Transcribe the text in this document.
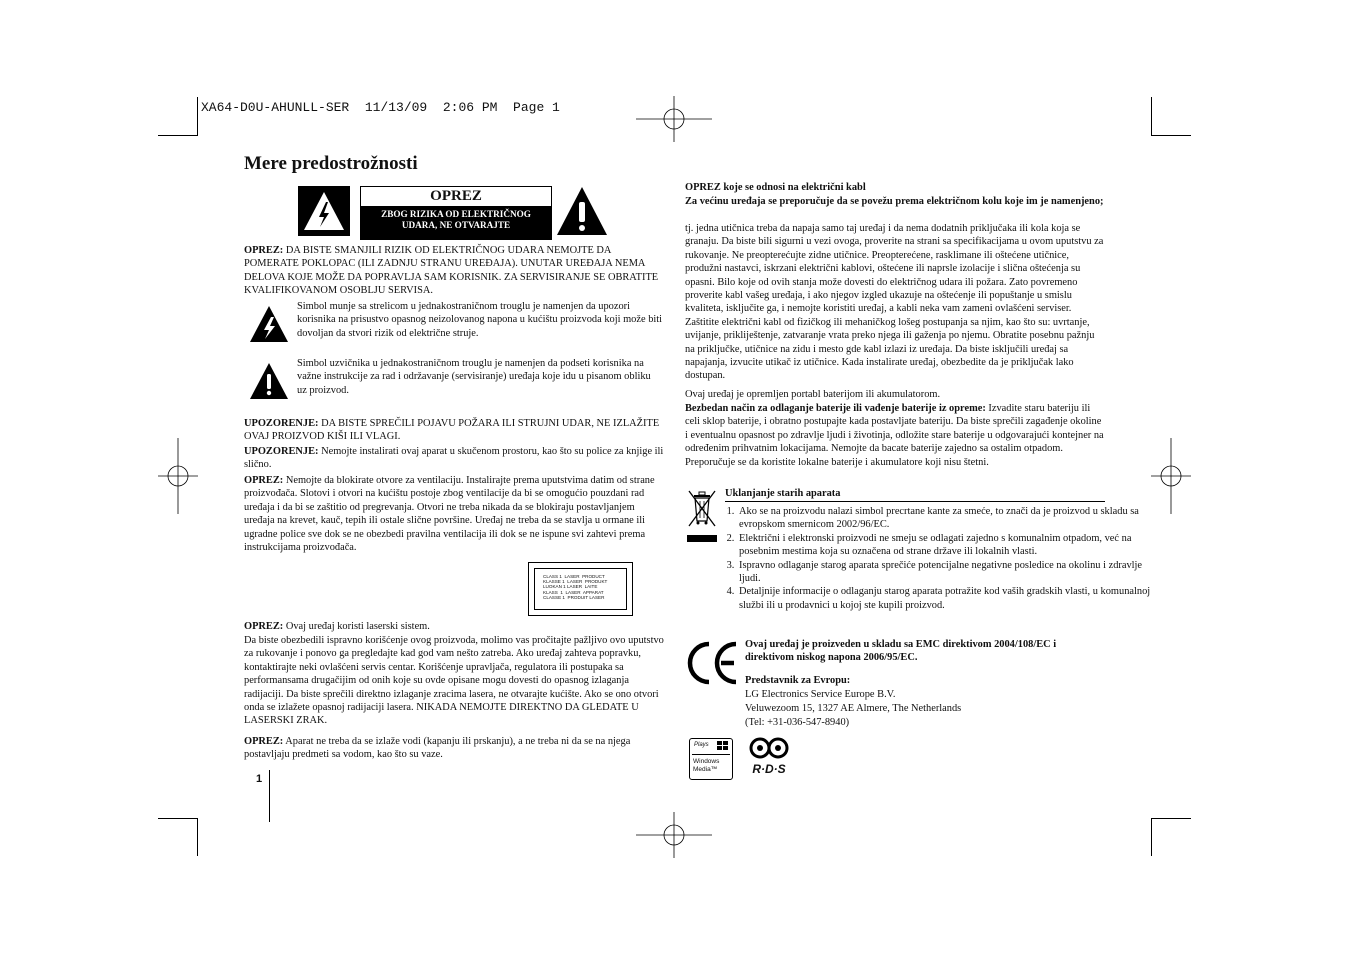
XA64-D0U-AHUNLL-SER  11/13/09  2:06 PM  Page 1
Mere predostrožnosti
OPREZ
ZBOG RIZIKA OD ELEKTRIČNOG
UDARA, NE OTVARAJTE
OPREZ: DA BISTE SMANJILI RIZIK OD ELEKTRIČNOG UDARA NEMOJTE DA POMERATE POKLOPAC (ILI ZADNJU STRANU UREĐAJA). UNUTAR UREĐAJA NEMA DELOVA KOJE MOŽE DA POPRAVLJA SAM KORISNIK. ZA SERVISIRANJE SE OBRATITE KVALIFIKOVANOM OSOBLJU SERVISA.
Simbol munje sa strelicom u jednakostraničnom trouglu je namenjen da upozori korisnika na prisustvo opasnog neizolovanog napona u kućištu proizvoda koji može biti dovoljan da stvori rizik od električne struje.
Simbol uzvičnika u jednakostraničnom trouglu je namenjen da podseti korisnika na važne instrukcije za rad i održavanje (servisiranje) uređaja koje idu u pisanom obliku uz proizvod.
UPOZORENJE: DA BISTE SPREČILI POJAVU POŽARA ILI STRUJNI UDAR, NE IZLAŽITE OVAJ PROIZVOD KIŠI ILI VLAGI.
UPOZORENJE: Nemojte instalirati ovaj aparat u skučenom prostoru, kao što su police za knjige ili slično.
OPREZ: Nemojte da blokirate otvore za ventilaciju. Instalirajte prema uputstvima datim od strane proizvođača. Slotovi i otvori na kućištu postoje zbog ventilacije da bi se omogućio pouzdani rad uređaja i da bi se zaštitio od pregrevanja. Otvori ne treba nikada da se blokiraju postavljanjem uređaja na krevet, kauč, tepih ili ostale slične površine. Uređaj ne treba da se stavlja u ormane ili ugradne police sve dok se ne obezbedi pravilna ventilacija ili dok se ne ispune svi zahtevi prema instrukcijama proizvođača.
CLASS 1  LASER  PRODUCT
KLASSE 1  LASER  PRODUKT
LUOKAN 1 LASER  LAITE
KLASS  1  LASER  APPARAT
CLASSE 1  PRODUIT LASER
OPREZ: Ovaj uređaj koristi laserski sistem.
Da biste obezbedili ispravno korišćenje ovog proizvoda, molimo vas pročitajte pažljivo ovo uputstvo za rukovanje i ponovo ga pregledajte kad god vam nešto zatreba. Ako uređaj zahteva popravku, kontaktirajte neki ovlašćeni servis centar. Korišćenje upravljača, regulatora ili postupaka sa performansama drugačijim od onih koje su ovde opisane mogu dovesti do opasnog izlaganja radijaciji. Da biste sprečili direktno izlaganje zracima lasera, ne otvarajte kućište. Ako se ono otvori onda se izlažete opasnoj radijaciji lasera. NIKADA NEMOJTE DIREKTNO DA GLEDATE U LASERSKI ZRAK.
OPREZ: Aparat ne treba da se izlaže vodi (kapanju ili prskanju), a ne treba ni da se na njega postavljaju predmeti sa vodom, kao što su vaze.
1
OPREZ koje se odnosi na električni kabl
Za većinu uređaja se preporučuje da se povežu prema električnom kolu koje im je namenjeno;
tj. jedna utičnica treba da napaja samo taj uređaj i da nema dodatnih priključaka ili kola koja se granaju. Da biste bili sigurni u vezi ovoga, proverite na strani sa specifikacijama u ovom uputstvu za rukovanje. Ne preopterećujte zidne utičnice. Preopterećene, rasklimane ili oštećene utičnice, produžni nastavci, iskrzani električni kablovi, oštećene ili naprsle izolacije i slična oštećenja su opasni. Bilo koje od ovih stanja može dovesti do električnog udara ili požara. Zato povremeno proverite kabl vašeg uređaja, i ako njegov izgled ukazuje na oštećenje ili popuštanje u smislu kvaliteta, isključite ga, i nemojte koristiti uređaj, a kabli neka vam zameni ovlašćeni serviser. Zaštitite električni kabl od fizičkog ili mehaničkog lošeg postupanja sa njim, kao što su: uvrtanje, uvijanje, prikliještenje, zatvaranje vrata preko njega ili gaženja po njemu. Obratite posebnu pažnju na priključke, utičnice na zidu i mesto gde kabl izlazi iz uređaja. Da biste isključili uređaj sa napajanja, izvucite utikač iz utičnice. Kada instalirate uređaj, obezbedite da je priključak lako dostupan.
Ovaj uređaj je opremljen portabl baterijom ili akumulatorom.
Bezbedan način za odlaganje baterije ili vađenje baterije iz opreme: Izvadite staru bateriju ili celi sklop baterije, i obratno postupajte kada postavljate bateriju. Da biste sprečili zagađenje okoline i eventualnu opasnost po zdravlje ljudi i životinja, odložite stare baterije u odgovarajući kontejner na određenim prihvatnim lokacijama. Nemojte da bacate baterije zajedno sa ostalim otpadom. Preporučuje se da koristite lokalne baterije i akumulatore koji nisu štetni.
Uklanjanje starih aparata
1. Ako se na proizvodu nalazi simbol precrtane kante za smeće, to znači da je proizvod u skladu sa evropskom smernicom 2002/96/EC.
2. Električni i elektronski proizvodi ne smeju se odlagati zajedno s komunalnim otpadom, već na posebnim mestima koja su označena od strane države ili lokalnih vlasti.
3. Ispravno odlaganje starog aparata sprečiće potencijalne negativne posledice na okolinu i zdravlje ljudi.
4. Detaljnije informacije o odlaganju starog aparata potražite kod vaših gradskih vlasti, u komunalnoj službi ili u prodavnici u kojoj ste kupili proizvod.
Ovaj uređaj je proizveden u skladu sa EMC direktivom 2004/108/EC i direktivom niskog napona 2006/95/EC.
Predstavnik za Evropu:
LG Electronics Service Europe B.V.
Veluwezoom 15, 1327 AE Almere, The Netherlands
(Tel: +31-036-547-8940)
Plays
Windows
Media™	R·D·S
